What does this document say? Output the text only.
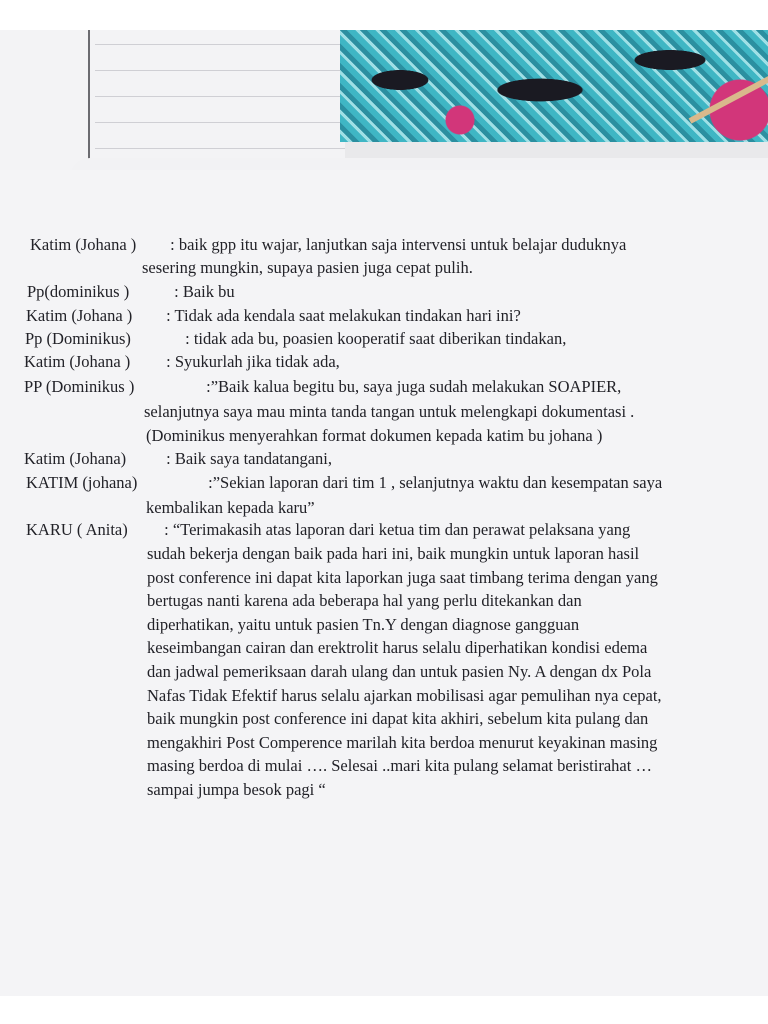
Katim (Johana ) : baik gpp itu wajar, lanjutkan saja intervensi untuk belajar duduknya
sesering mungkin, supaya pasien juga cepat pulih.
Pp(dominikus )	: Baik bu
Katim (Johana ) : Tidak ada kendala saat melakukan tindakan hari ini?
Pp (Dominikus)	: tidak ada bu, poasien kooperatif saat diberikan tindakan,
Katim (Johana ) : Syukurlah jika tidak ada,
PP (Dominikus )	:”Baik kalua begitu bu, saya juga sudah melakukan SOAPIER,
selanjutnya saya mau minta tanda tangan untuk melengkapi dokumentasi .
(Dominikus menyerahkan format dokumen kepada katim bu johana )
Katim (Johana) : Baik saya tandatangani,
KATIM (johana)	:”Sekian laporan dari tim 1 , selanjutnya waktu dan kesempatan saya
kembalikan kepada karu”
KARU ( Anita) : “Terimakasih atas laporan dari ketua tim dan perawat pelaksana yang
sudah bekerja dengan baik pada hari ini, baik mungkin untuk laporan hasil
post conference ini dapat kita laporkan juga saat timbang terima dengan yang
bertugas nanti karena ada beberapa hal yang perlu ditekankan dan
diperhatikan, yaitu untuk pasien Tn.Y dengan diagnose gangguan
keseimbangan cairan dan erektrolit harus selalu diperhatikan kondisi edema
dan jadwal pemeriksaan darah ulang dan untuk pasien Ny. A dengan dx Pola
Nafas Tidak Efektif harus selalu ajarkan mobilisasi agar pemulihan nya cepat,
baik mungkin post conference ini dapat kita akhiri, sebelum kita pulang dan
mengakhiri Post Comperence marilah kita berdoa menurut keyakinan masing
masing berdoa di mulai …. Selesai ..mari kita pulang selamat beristirahat …
sampai jumpa besok pagi “
